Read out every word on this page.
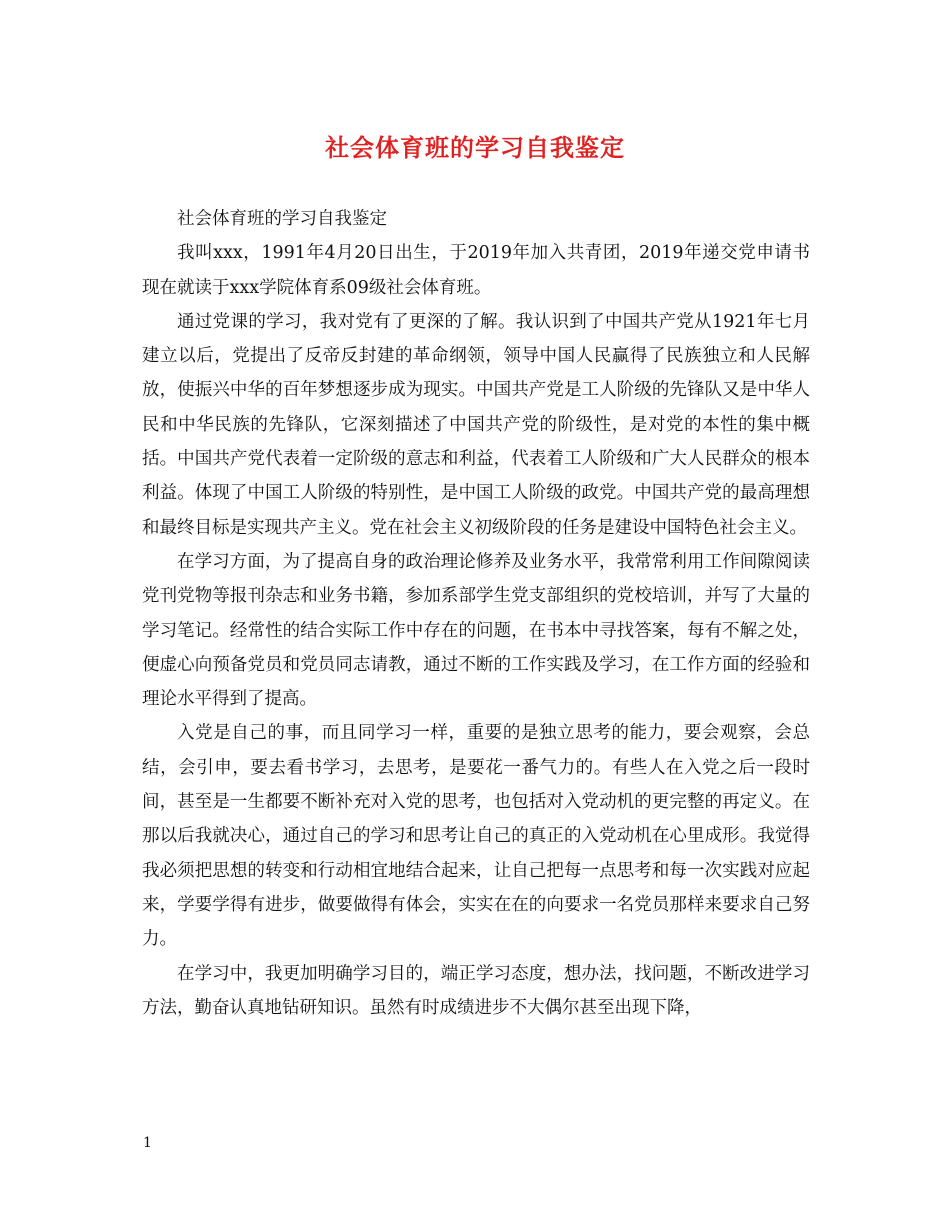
社会体育班的学习自我鉴定

社会体育班的学习自我鉴定

我叫xxx，1991年4月20日出生，于2019年加入共青团，2019年递交党申请书现在就读于xxx学院体育系09级社会体育班。

通过党课的学习，我对党有了更深的了解。我认识到了中国共产党从1921年七月建立以后，党提出了反帝反封建的革命纲领，领导中国人民赢得了民族独立和人民解放，使振兴中华的百年梦想逐步成为现实。中国共产党是工人阶级的先锋队又是中华人民和中华民族的先锋队，它深刻描述了中国共产党的阶级性，是对党的本性的集中概括。中国共产党代表着一定阶级的意志和利益，代表着工人阶级和广大人民群众的根本利益。体现了中国工人阶级的特别性，是中国工人阶级的政党。中国共产党的最高理想和最终目标是实现共产主义。党在社会主义初级阶段的任务是建设中国特色社会主义。

在学习方面，为了提高自身的政治理论修养及业务水平，我常常利用工作间隙阅读党刊党物等报刊杂志和业务书籍，参加系部学生党支部组织的党校培训，并写了大量的学习笔记。经常性的结合实际工作中存在的问题，在书本中寻找答案，每有不解之处，便虚心向预备党员和党员同志请教，通过不断的工作实践及学习，在工作方面的经验和理论水平得到了提高。

入党是自己的事，而且同学习一样，重要的是独立思考的能力，要会观察，会总结，会引申，要去看书学习，去思考，是要花一番气力的。有些人在入党之后一段时间，甚至是一生都要不断补充对入党的思考，也包括对入党动机的更完整的再定义。在那以后我就决心，通过自己的学习和思考让自己的真正的入党动机在心里成形。我觉得我必须把思想的转变和行动相宜地结合起来，让自己把每一点思考和每一次实践对应起来，学要学得有进步，做要做得有体会，实实在在的向要求一名党员那样来要求自己努力。

在学习中，我更加明确学习目的，端正学习态度，想办法，找问题，不断改进学习方法，勤奋认真地钻研知识。虽然有时成绩进步不大偶尔甚至出现下降，

1
